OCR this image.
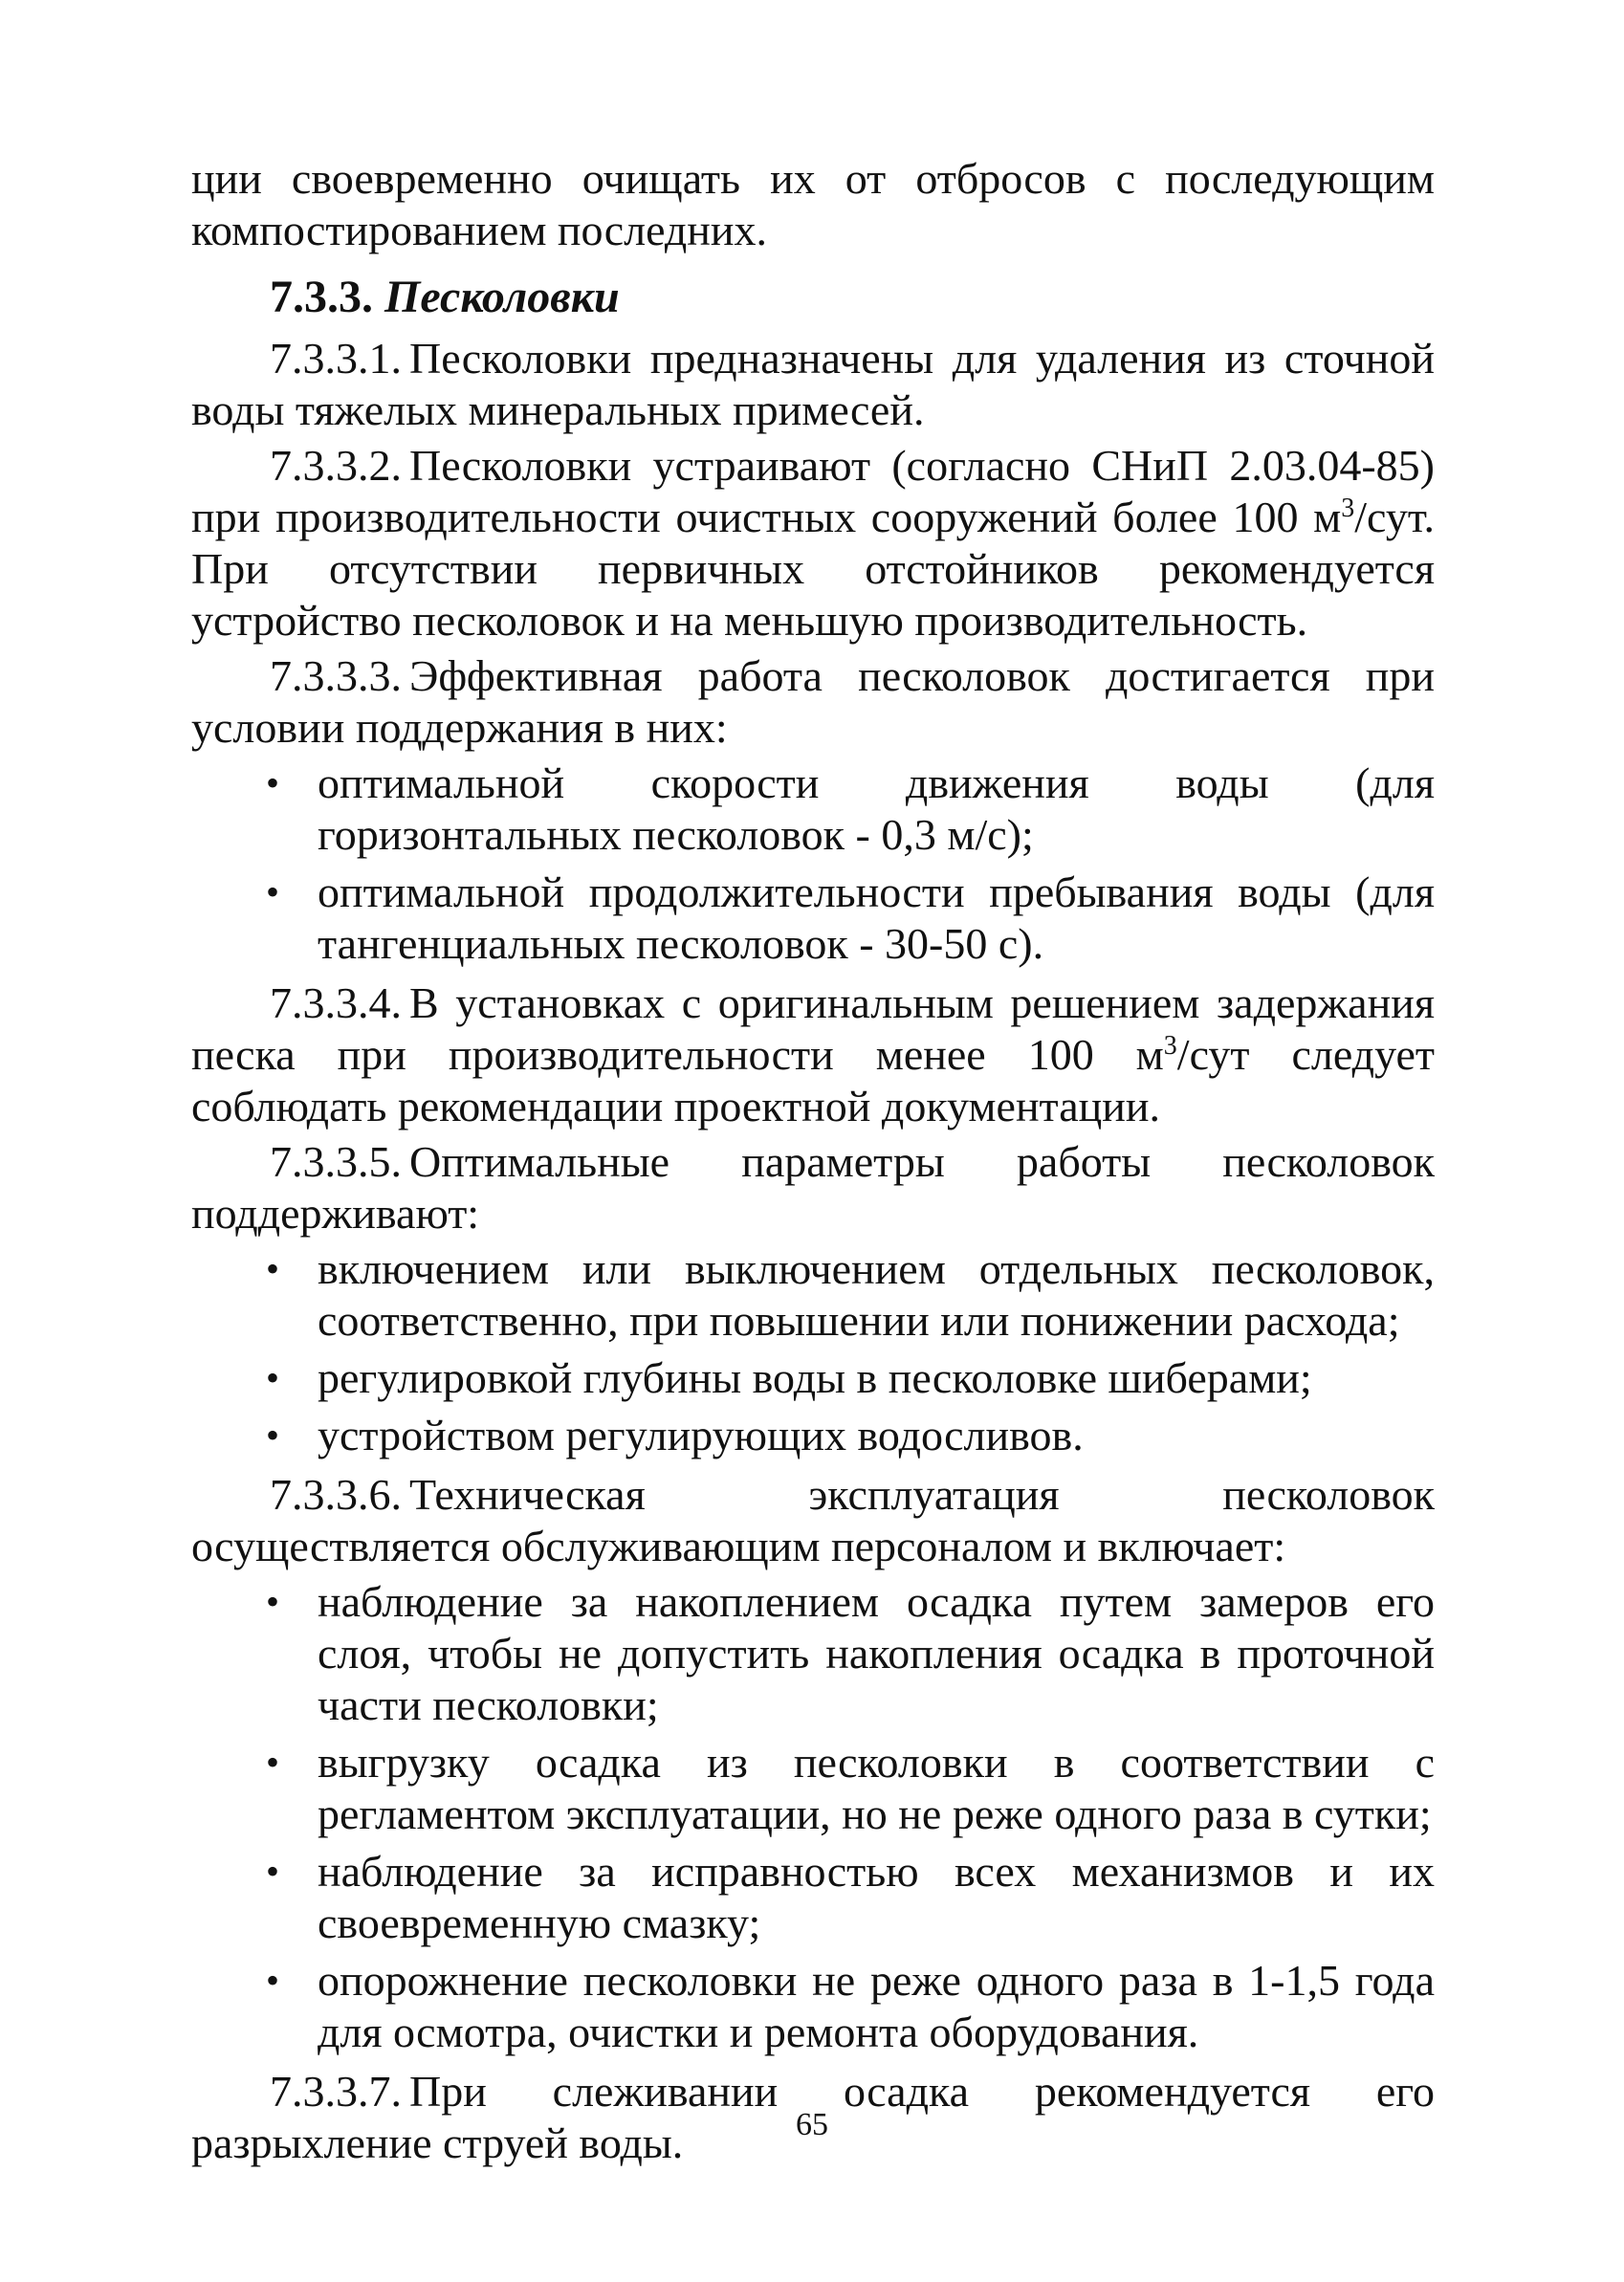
ции своевременно очищать их от отбросов с последующим компостированием последних.

7.3.3. Песколовки

7.3.3.1. Песколовки предназначены для удаления из сточной воды тяжелых минеральных примесей.

7.3.3.2. Песколовки устраивают (согласно СНиП 2.03.04-85) при производительности очистных сооружений более 100 $м^3$/сут. При отсутствии первичных отстойников рекомендуется устройство песколовок и на меньшую производительность.

7.3.3.3. Эффективная работа песколовок достигается при условии поддержания в них:

• оптимальной скорости движения воды (для горизонтальных песколовок - 0,3 м/с);
• оптимальной продолжительности пребывания воды (для тангенциальных песколовок - 30-50 с).

7.3.3.4. В установках с оригинальным решением задержания песка при производительности менее 100 $м^3$/сут следует соблюдать рекомендации проектной документации.

7.3.3.5. Оптимальные параметры работы песколовок поддерживают:

• включением или выключением отдельных песколовок, соответственно, при повышении или понижении расхода;
• регулировкой глубины воды в песколовке шиберами;
• устройством регулирующих водосливов.

7.3.3.6. Техническая эксплуатация песколовок осуществляется обслуживающим персоналом и включает:

• наблюдение за накоплением осадка путем замеров его слоя, чтобы не допустить накопления осадка в проточной части песколовки;
• выгрузку осадка из песколовки в соответствии с регламентом эксплуатации, но не реже одного раза в сутки;
• наблюдение за исправностью всех механизмов и их своевременную смазку;
• опорожнение песколовки не реже одного раза в 1-1,5 года для осмотра, очистки и ремонта оборудования.

7.3.3.7. При слеживании осадка рекомендуется его разрыхление струей воды.	65
